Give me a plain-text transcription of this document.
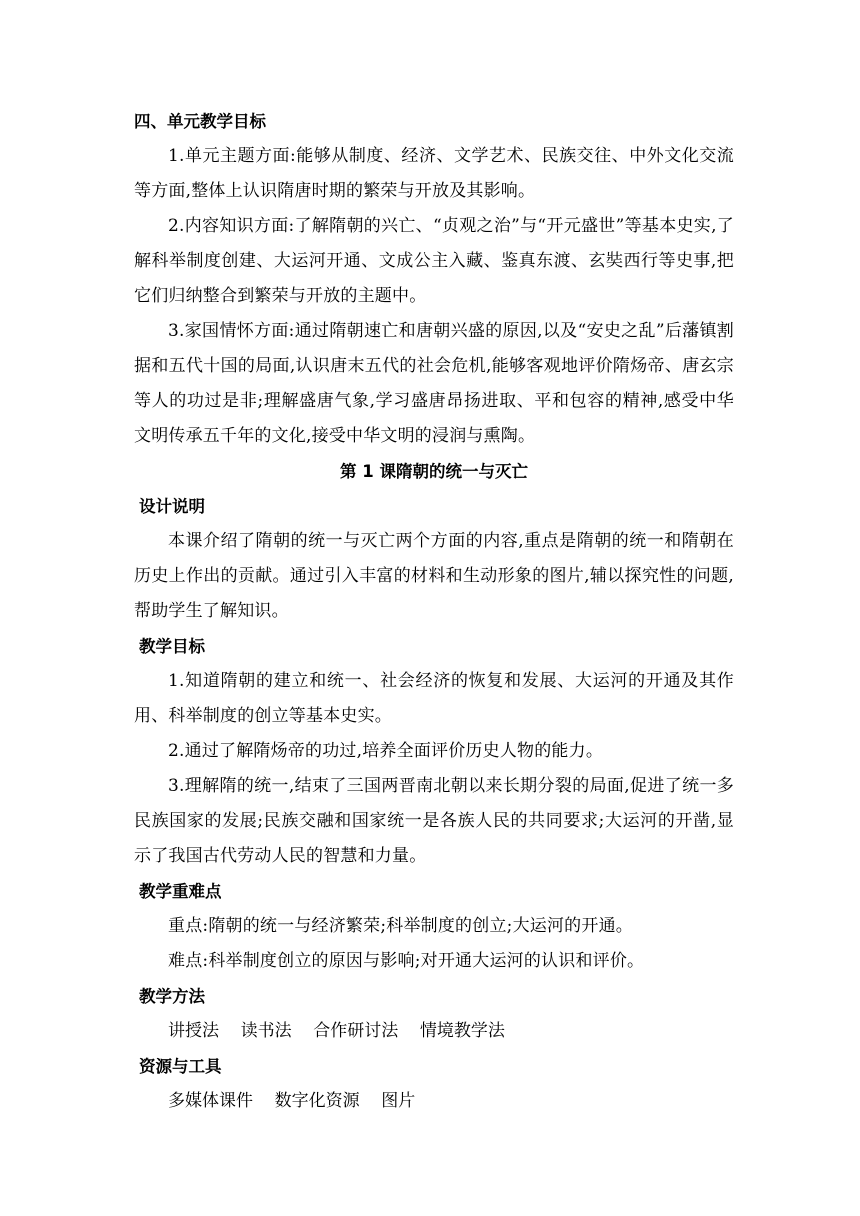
四、单元教学目标

1.单元主题方面:能够从制度、经济、文学艺术、民族交往、中外文化交流等方面,整体上认识隋唐时期的繁荣与开放及其影响。

2.内容知识方面:了解隋朝的兴亡、“贞观之治”与“开元盛世”等基本史实,了解科举制度创建、大运河开通、文成公主入藏、鉴真东渡、玄奘西行等史事,把它们归纳整合到繁荣与开放的主题中。

3.家国情怀方面:通过隋朝速亡和唐朝兴盛的原因,以及“安史之乱”后藩镇割据和五代十国的局面,认识唐末五代的社会危机,能够客观地评价隋炀帝、唐玄宗等人的功过是非;理解盛唐气象,学习盛唐昂扬进取、平和包容的精神,感受中华文明传承五千年的文化,接受中华文明的浸润与熏陶。

第 1 课隋朝的统一与灭亡

设计说明

本课介绍了隋朝的统一与灭亡两个方面的内容,重点是隋朝的统一和隋朝在历史上作出的贡献。通过引入丰富的材料和生动形象的图片,辅以探究性的问题,帮助学生了解知识。

教学目标

1.知道隋朝的建立和统一、社会经济的恢复和发展、大运河的开通及其作用、科举制度的创立等基本史实。

2.通过了解隋炀帝的功过,培养全面评价历史人物的能力。

3.理解隋的统一,结束了三国两晋南北朝以来长期分裂的局面,促进了统一多民族国家的发展;民族交融和国家统一是各族人民的共同要求;大运河的开凿,显示了我国古代劳动人民的智慧和力量。

教学重难点

重点:隋朝的统一与经济繁荣;科举制度的创立;大运河的开通。

难点:科举制度创立的原因与影响;对开通大运河的认识和评价。

教学方法

讲授法    读书法    合作研讨法    情境教学法

资源与工具

多媒体课件    数字化资源    图片
